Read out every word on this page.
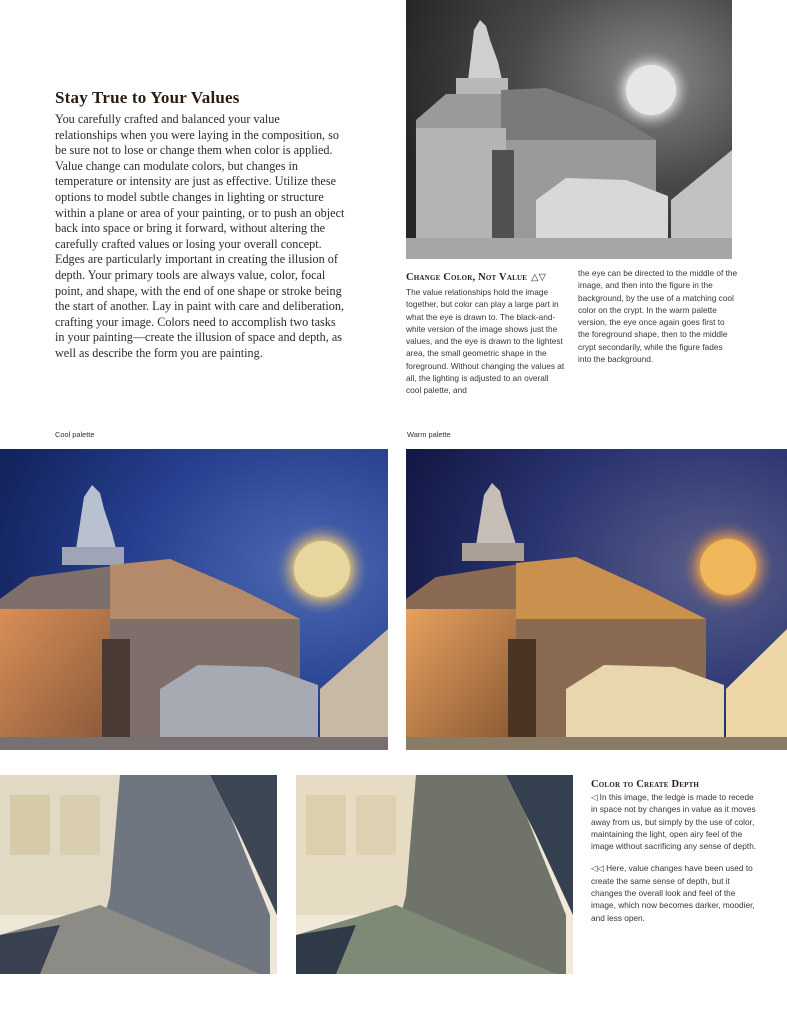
Stay True to Your Values

You carefully crafted and balanced your value relationships when you were laying in the composition, so be sure not to lose or change them when color is applied. Value change can modulate colors, but changes in temperature or intensity are just as effective. Utilize these options to model subtle changes in lighting or structure within a plane or area of your painting, or to push an object back into space or bring it forward, without altering the carefully crafted values or losing your overall concept. Edges are particularly important in creating the illusion of depth. Your primary tools are always value, color, focal point, and shape, with the end of one shape or stroke being the start of another. Lay in paint with care and deliberation, crafting your image. Colors need to accomplish two tasks in your painting—create the illusion of space and depth, as well as describe the form you are painting.

Change Color, Not Value △▽
The value relationships hold the image together, but color can play a large part in what the eye is drawn to. The black-and-white version of the image shows just the values, and the eye is drawn to the lightest area, the small geometric shape in the foreground. Without changing the values at all, the lighting is adjusted to an overall cool palette, and
the eye can be directed to the middle of the image, and then into the figure in the background, by the use of a matching cool color on the crypt. In the warm palette version, the eye once again goes first to the foreground shape, then to the middle crypt secondarily, while the figure fades into the background.
Cool palette	Warm palette
Color to Create Depth
◁ In this image, the ledge is made to recede in space not by changes in value as it moves away from us, but simply by the use of color, maintaining the light, open airy feel of the image without sacrificing any sense of depth.
◁◁ Here, value changes have been used to create the same sense of depth, but it changes the overall look and feel of the image, which now becomes darker, moodier, and less open.
